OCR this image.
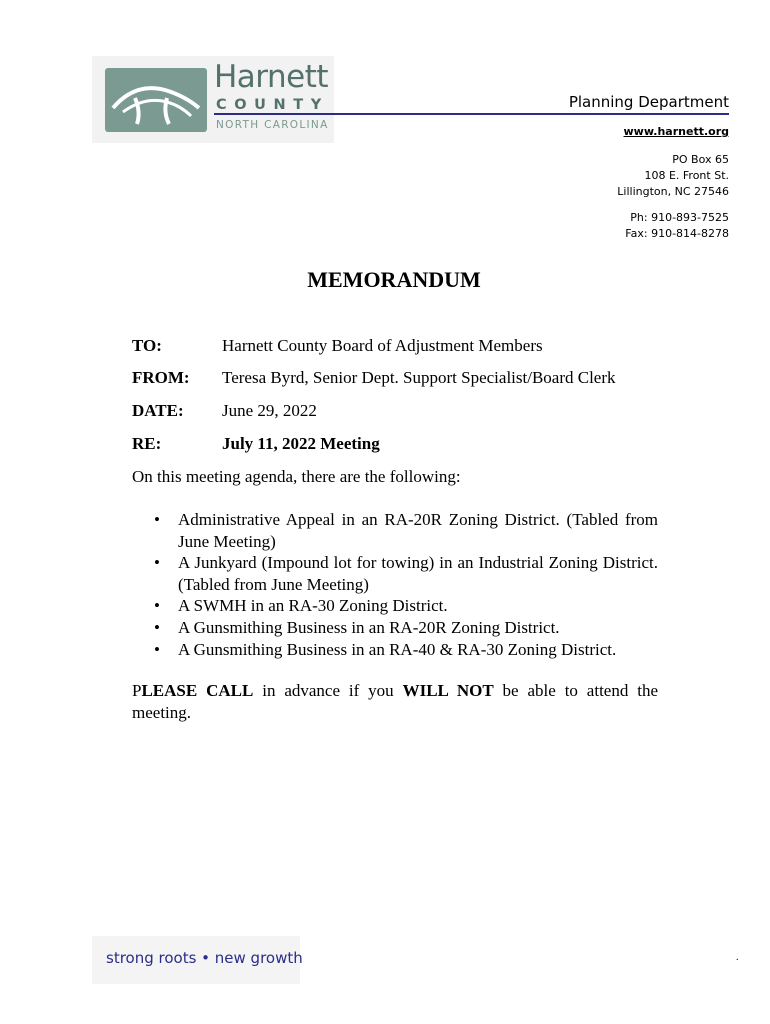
Harnett
COUNTY
NORTH CAROLINA
Planning Department
www.harnett.org
PO Box 65
108 E. Front St.
Lillington, NC 27546
Ph: 910-893-7525
Fax: 910-814-8278
MEMORANDUM
TO:	Harnett County Board of Adjustment Members
FROM: Teresa Byrd, Senior Dept. Support Specialist/Board Clerk
DATE: June 29, 2022
RE:	July 11, 2022 Meeting
On this meeting agenda, there are the following:
• Administrative Appeal in an RA-20R Zoning District. (Tabled from June Meeting)
• A Junkyard (Impound lot for towing) in an Industrial Zoning District. (Tabled from June Meeting)
• A SWMH in an RA-30 Zoning District.
• A Gunsmithing Business in an RA-20R Zoning District.
• A Gunsmithing Business in an RA-40 & RA-30 Zoning District.
PLEASE CALL in advance if you WILL NOT be able to attend the meeting.
strong roots • new growth	.
